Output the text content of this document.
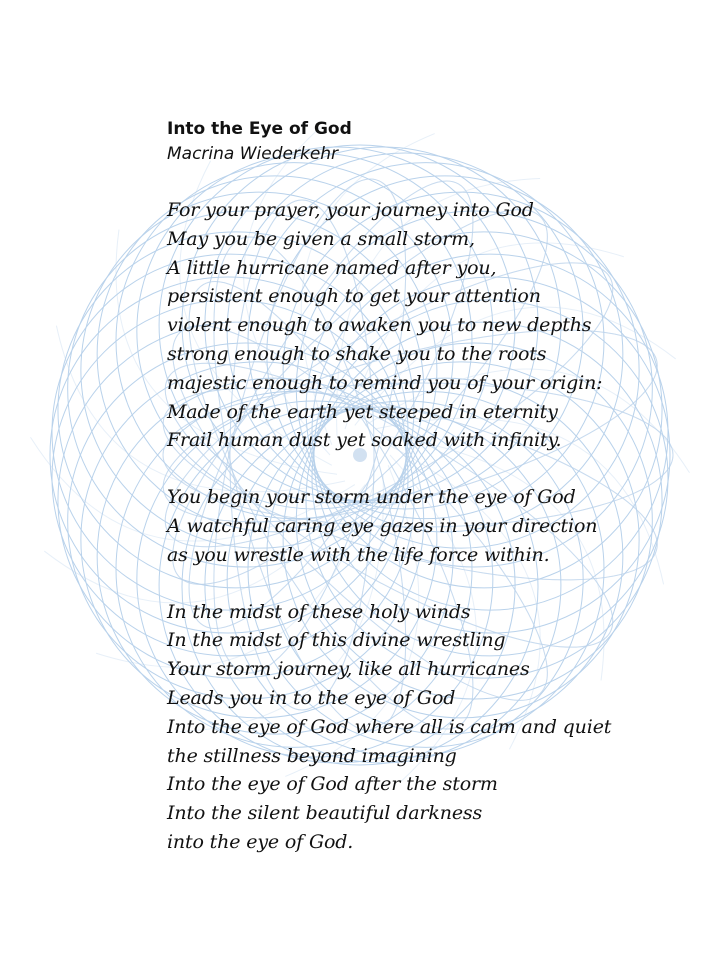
Into the Eye of God
Macrina Wiederkehr
For your prayer, your journey into God
May you be given a small storm,
A little hurricane named after you,
persistent enough to get your attention
violent enough to awaken you to new depths
strong enough to shake you to the roots
majestic enough to remind you of your origin:
Made of the earth yet steeped in eternity
Frail human dust yet soaked with infinity.
You begin your storm under the eye of God
A watchful caring eye gazes in your direction
as you wrestle with the life force within.
In the midst of these holy winds
In the midst of this divine wrestling
Your storm journey, like all hurricanes
Leads you in to the eye of God
Into the eye of God where all is calm and quiet
the stillness beyond imagining
Into the eye of God after the storm
Into the silent beautiful darkness
into the eye of God.
